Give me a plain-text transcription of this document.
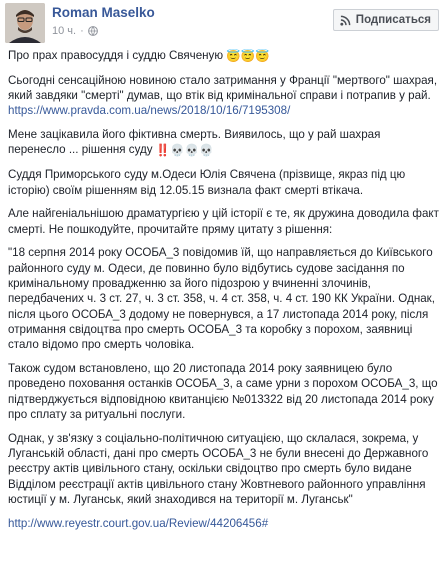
Roman Maselko
10 ч. ·
Подписаться

Про прах правосуддя і суддю Свяченую 😇😇😇

Сьогодні сенсаційною новиною стало затримання у Франції "мертвого" шахрая, який завдяки "смерті" думав, що втік від кримінальної справи і потрапив у рай. https://www.pravda.com.ua/news/2018/10/16/7195308/

Мене зацікавила його фіктивна смерть. Виявилось, що у рай шахрая перенесло ... рішення суду ‼️💀💀💀

Суддя Приморського суду м.Одеси Юлія Свячена (прізвище, якраз під цю історію) своїм рішенням від 12.05.15 визнала факт смерті втікача.

Але найгеніальнішою драматургією у цій історії є те, як дружина доводила факт смерті. Не пошкодуйте, прочитайте пряму цитату з рішення:

"18 серпня 2014 року ОСОБА_3 повідомив їй, що направляється до Київського районного суду м. Одеси, де повинно було відбутись судове засідання по кримінальному провадженню за його підозрою у вчиненні злочинів, передбачених ч. 3 ст. 27, ч. 3 ст. 358, ч. 4 ст. 358, ч. 4 ст. 190 КК України. Однак, після цього ОСОБА_3 додому не повернувся, а 17 листопада 2014 року, після отримання свідоцтва про смерть ОСОБА_3 та коробку з порохом, заявниці стало відомо про смерть чоловіка.

Також судом встановлено, що 20 листопада 2014 року заявницею було проведено поховання останків ОСОБА_3, а саме урни з порохом ОСОБА_3, що підтверджується відповідною квитанцією №013322 від 20 листопада 2014 року про сплату за ритуальні послуги.

Однак, у зв'язку з соціально-політичною ситуацією, що склалася, зокрема, у Луганській області, дані про смерть ОСОБА_3 не були внесені до Державного реєстру актів цивільного стану, оскільки свідоцтво про смерть було видане Відділом реєстрації актів цивільного стану Жовтневого районного управління юстиції у м. Луганськ, який знаходився на території м. Луганськ"

http://www.reyestr.court.gov.ua/Review/44206456#
